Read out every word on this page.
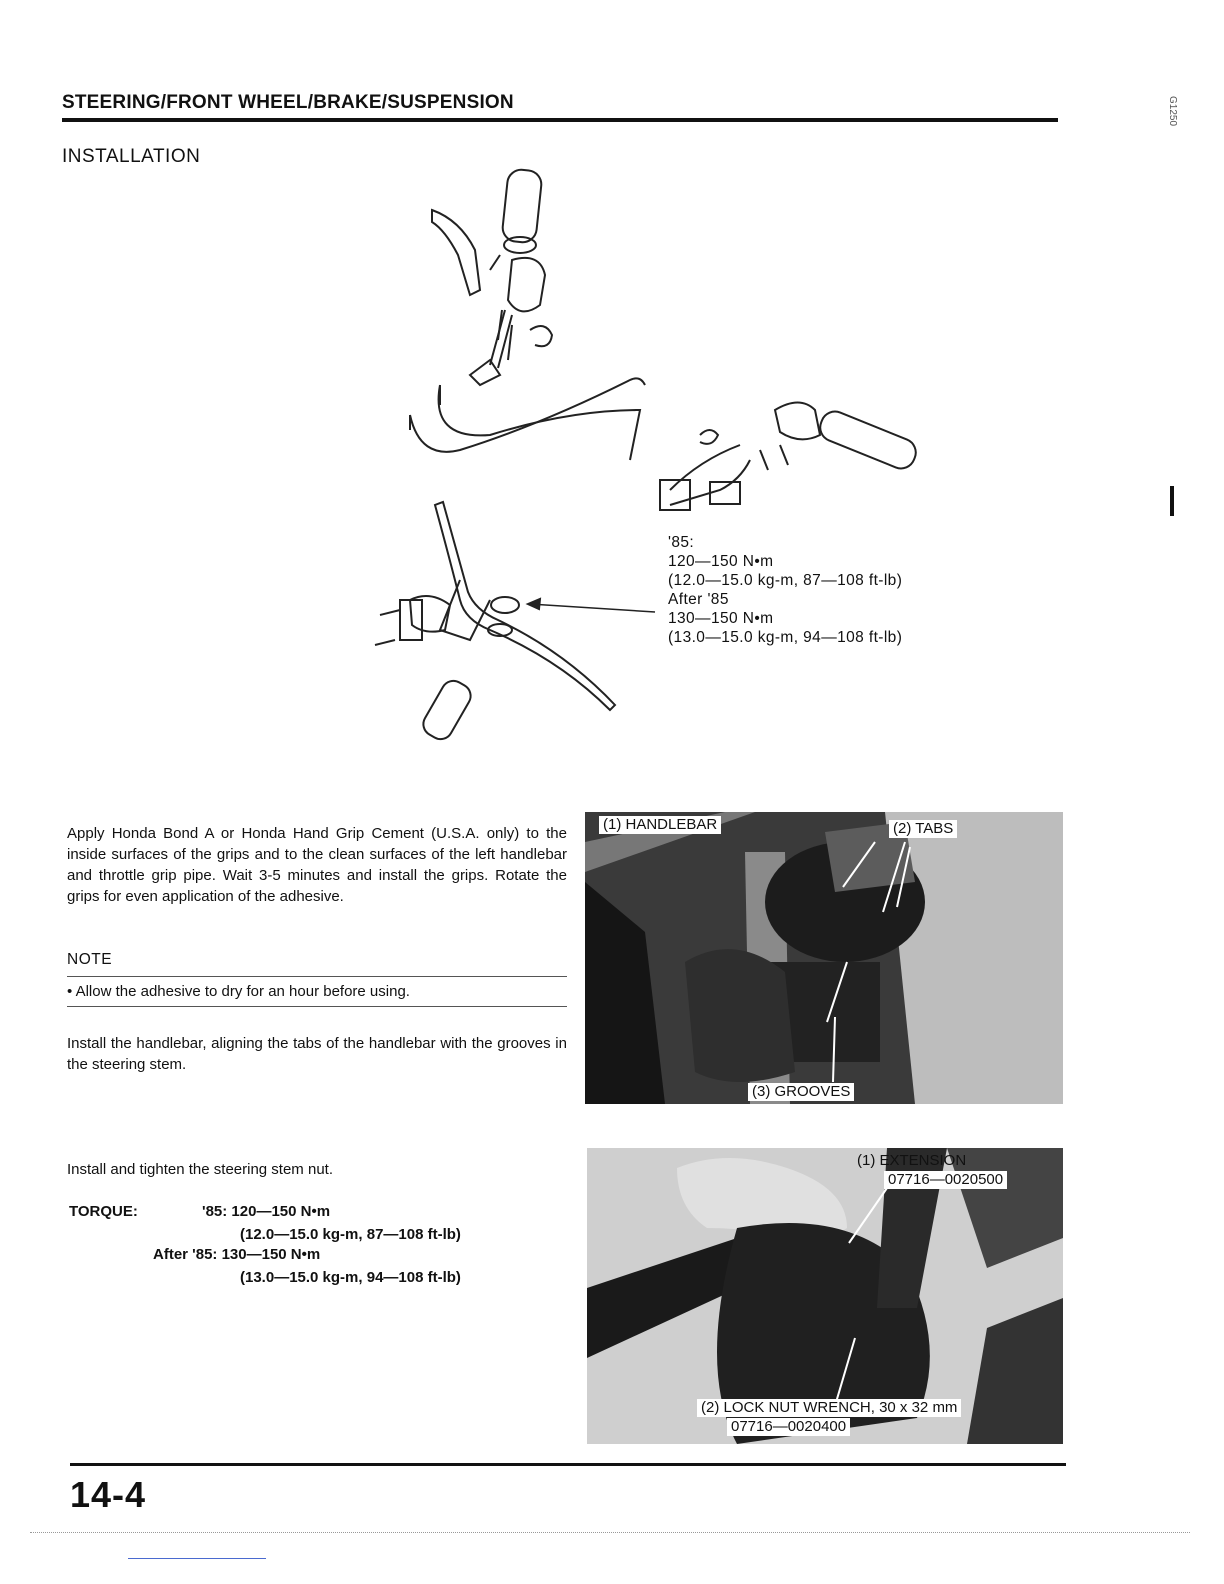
STEERING/FRONT WHEEL/BRAKE/SUSPENSION
INSTALLATION
G1250
'85:
120—150 N•m
(12.0—15.0 kg-m, 87—108 ft-lb)
After '85
130—150 N•m
(13.0—15.0 kg-m, 94—108 ft-lb)
Apply Honda Bond A or Honda Hand Grip Cement (U.S.A. only) to the inside surfaces of the grips and to the clean surfaces of the left handlebar and throttle grip pipe. Wait 3-5 minutes and install the grips. Rotate the grips for even application of the adhesive.
NOTE
• Allow the adhesive to dry for an hour before using.
Install the handlebar, aligning the tabs of the handlebar with the grooves in the steering stem.
Install and tighten the steering stem nut.
TORQUE:	'85: 120—150 N•m
(12.0—15.0 kg-m, 87—108 ft-lb)
After '85: 130—150 N•m
(13.0—15.0 kg-m, 94—108 ft-lb)
(1) HANDLEBAR	(2) TABS
(3) GROOVES
(1) EXTENSION
07716—0020500
(2) LOCK NUT WRENCH, 30 x 32 mm
07716—0020400
14-4
